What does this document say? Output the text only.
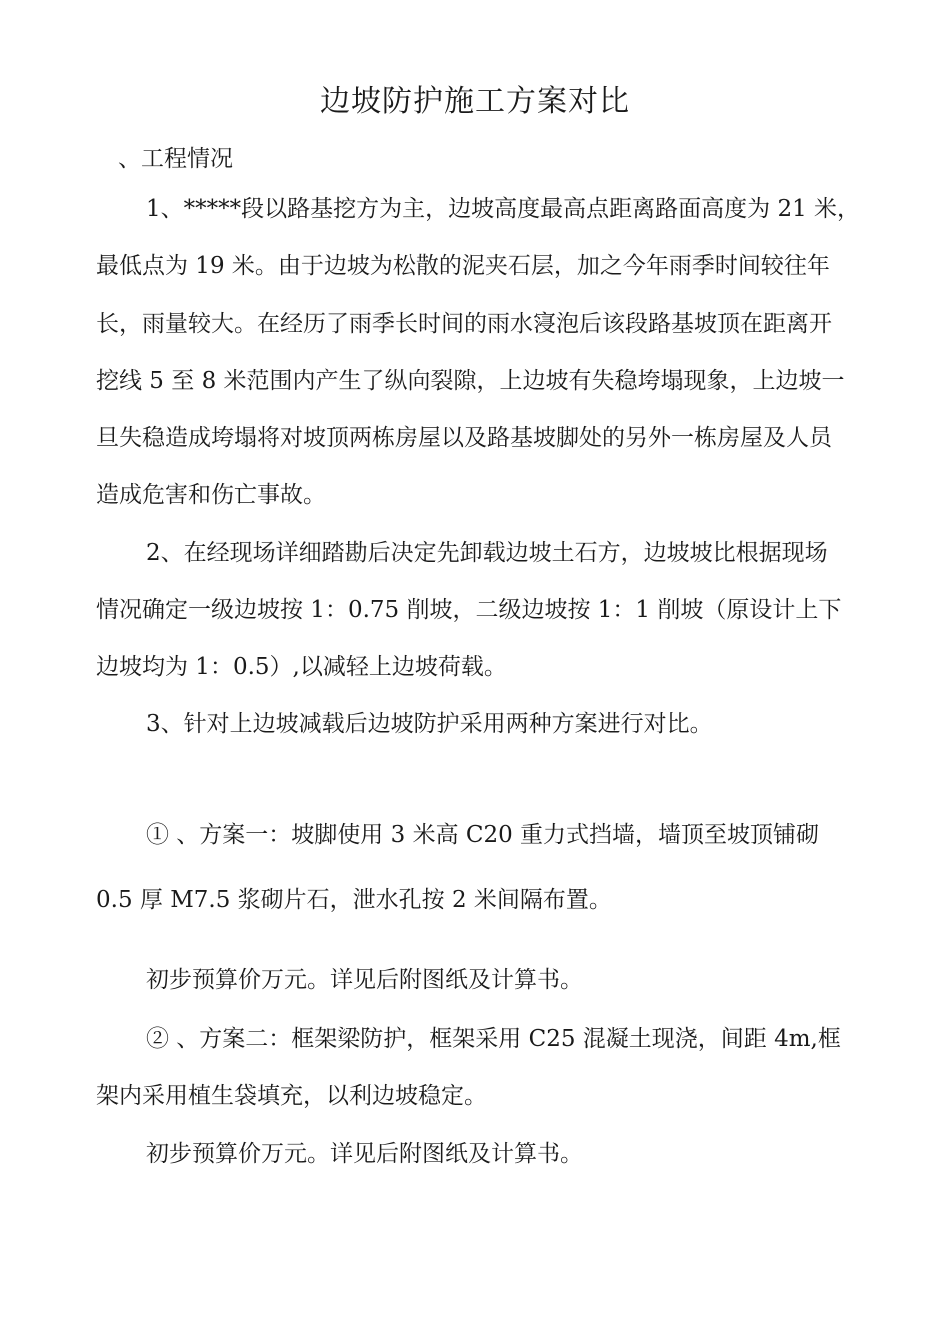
边坡防护施工方案对比
、工程情况
1、*****段以路基挖方为主，边坡高度最高点距离路面高度为 21 米，
最低点为 19 米。由于边坡为松散的泥夹石层，加之今年雨季时间较往年
长，雨量较大。在经历了雨季长时间的雨水寖泡后该段路基坡顶在距离开
挖线 5 至 8 米范围内产生了纵向裂隙，上边坡有失稳垮塌现象，上边坡一
旦失稳造成垮塌将对坡顶两栋房屋以及路基坡脚处的另外一栋房屋及人员
造成危害和伤亡事故。
2、在经现场详细踏勘后决定先卸载边坡土石方，边坡坡比根据现场
情况确定一级边坡按 1：0.75 削坡，二级边坡按 1：1 削坡（原设计上下
边坡均为 1：0.5）,以减轻上边坡荷载。
3、针对上边坡减载后边坡防护采用两种方案进行对比。
① 、方案一：坡脚使用 3 米高 C20 重力式挡墙，墙顶至坡顶铺砌
0.5 厚 M7.5 浆砌片石，泄水孔按 2 米间隔布置。
初步预算价万元。详见后附图纸及计算书。
② 、方案二：框架梁防护，框架采用 C25 混凝土现浇，间距 4m,框
架内采用植生袋填充，以利边坡稳定。
初步预算价万元。详见后附图纸及计算书。
